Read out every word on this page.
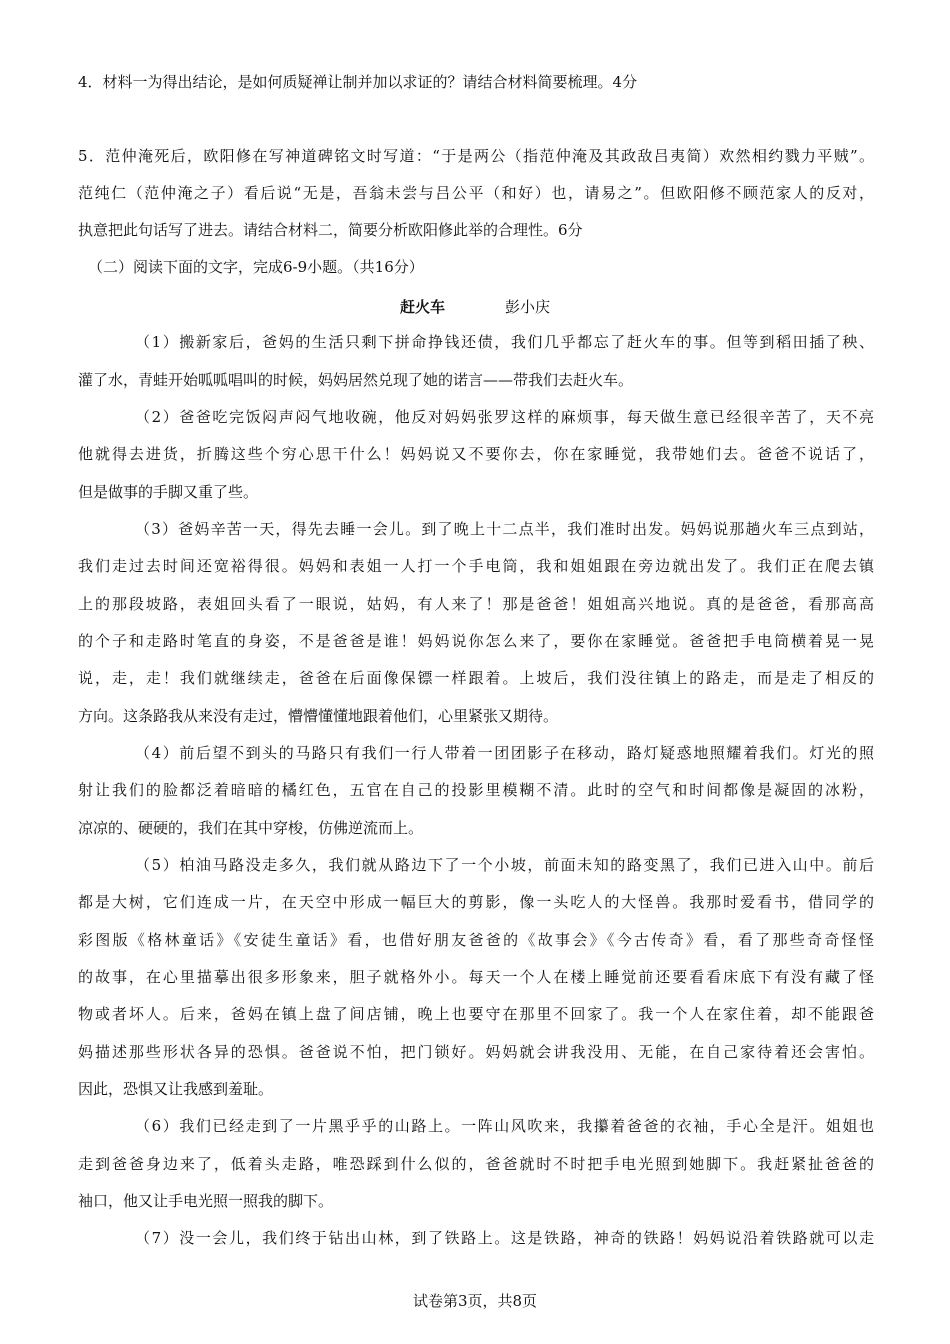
4．材料一为得出结论，是如何质疑禅让制并加以求证的？请结合材料简要梳理。4分
5．范仲淹死后，欧阳修在写神道碑铭文时写道：“于是两公（指范仲淹及其政敌吕夷简）欢然相约戮力平贼”。
范纯仁（范仲淹之子）看后说“无是，吾翁未尝与吕公平（和好）也，请易之”。但欧阳修不顾范家人的反对，
执意把此句话写了进去。请结合材料二，简要分析欧阳修此举的合理性。6分
（二）阅读下面的文字，完成6-9小题。（共16分）
赶火车	彭小庆
（1）搬新家后，爸妈的生活只剩下拼命挣钱还债，我们几乎都忘了赶火车的事。但等到稻田插了秧、
灌了水，青蛙开始呱呱唱叫的时候，妈妈居然兑现了她的诺言——带我们去赶火车。
（2）爸爸吃完饭闷声闷气地收碗，他反对妈妈张罗这样的麻烦事，每天做生意已经很辛苦了，天不亮
他就得去进货，折腾这些个穷心思干什么！妈妈说又不要你去，你在家睡觉，我带她们去。爸爸不说话了，
但是做事的手脚又重了些。
（3）爸妈辛苦一天，得先去睡一会儿。到了晚上十二点半，我们准时出发。妈妈说那趟火车三点到站，
我们走过去时间还宽裕得很。妈妈和表姐一人打一个手电筒，我和姐姐跟在旁边就出发了。我们正在爬去镇
上的那段坡路，表姐回头看了一眼说，姑妈，有人来了！那是爸爸！姐姐高兴地说。真的是爸爸，看那高高
的个子和走路时笔直的身姿，不是爸爸是谁！妈妈说你怎么来了，要你在家睡觉。爸爸把手电筒横着晃一晃
说，走，走！我们就继续走，爸爸在后面像保镖一样跟着。上坡后，我们没往镇上的路走，而是走了相反的
方向。这条路我从来没有走过，懵懵懂懂地跟着他们，心里紧张又期待。
（4）前后望不到头的马路只有我们一行人带着一团团影子在移动，路灯疑惑地照耀着我们。灯光的照
射让我们的脸都泛着暗暗的橘红色，五官在自己的投影里模糊不清。此时的空气和时间都像是凝固的冰粉，
凉凉的、硬硬的，我们在其中穿梭，仿佛逆流而上。
（5）柏油马路没走多久，我们就从路边下了一个小坡，前面未知的路变黑了，我们已进入山中。前后
都是大树，它们连成一片，在天空中形成一幅巨大的剪影，像一头吃人的大怪兽。我那时爱看书，借同学的
彩图版《格林童话》《安徒生童话》看，也借好朋友爸爸的《故事会》《今古传奇》看，看了那些奇奇怪怪
的故事，在心里描摹出很多形象来，胆子就格外小。每天一个人在楼上睡觉前还要看看床底下有没有藏了怪
物或者坏人。后来，爸妈在镇上盘了间店铺，晚上也要守在那里不回家了。我一个人在家住着，却不能跟爸
妈描述那些形状各异的恐惧。爸爸说不怕，把门锁好。妈妈就会讲我没用、无能，在自己家待着还会害怕。
因此，恐惧又让我感到羞耻。
（6）我们已经走到了一片黑乎乎的山路上。一阵山风吹来，我攥着爸爸的衣袖，手心全是汗。姐姐也
走到爸爸身边来了，低着头走路，唯恐踩到什么似的，爸爸就时不时把手电光照到她脚下。我赶紧扯爸爸的
袖口，他又让手电光照一照我的脚下。
（7）没一会儿，我们终于钻出山林，到了铁路上。这是铁路，神奇的铁路！妈妈说沿着铁路就可以走
试卷第3页，共8页
